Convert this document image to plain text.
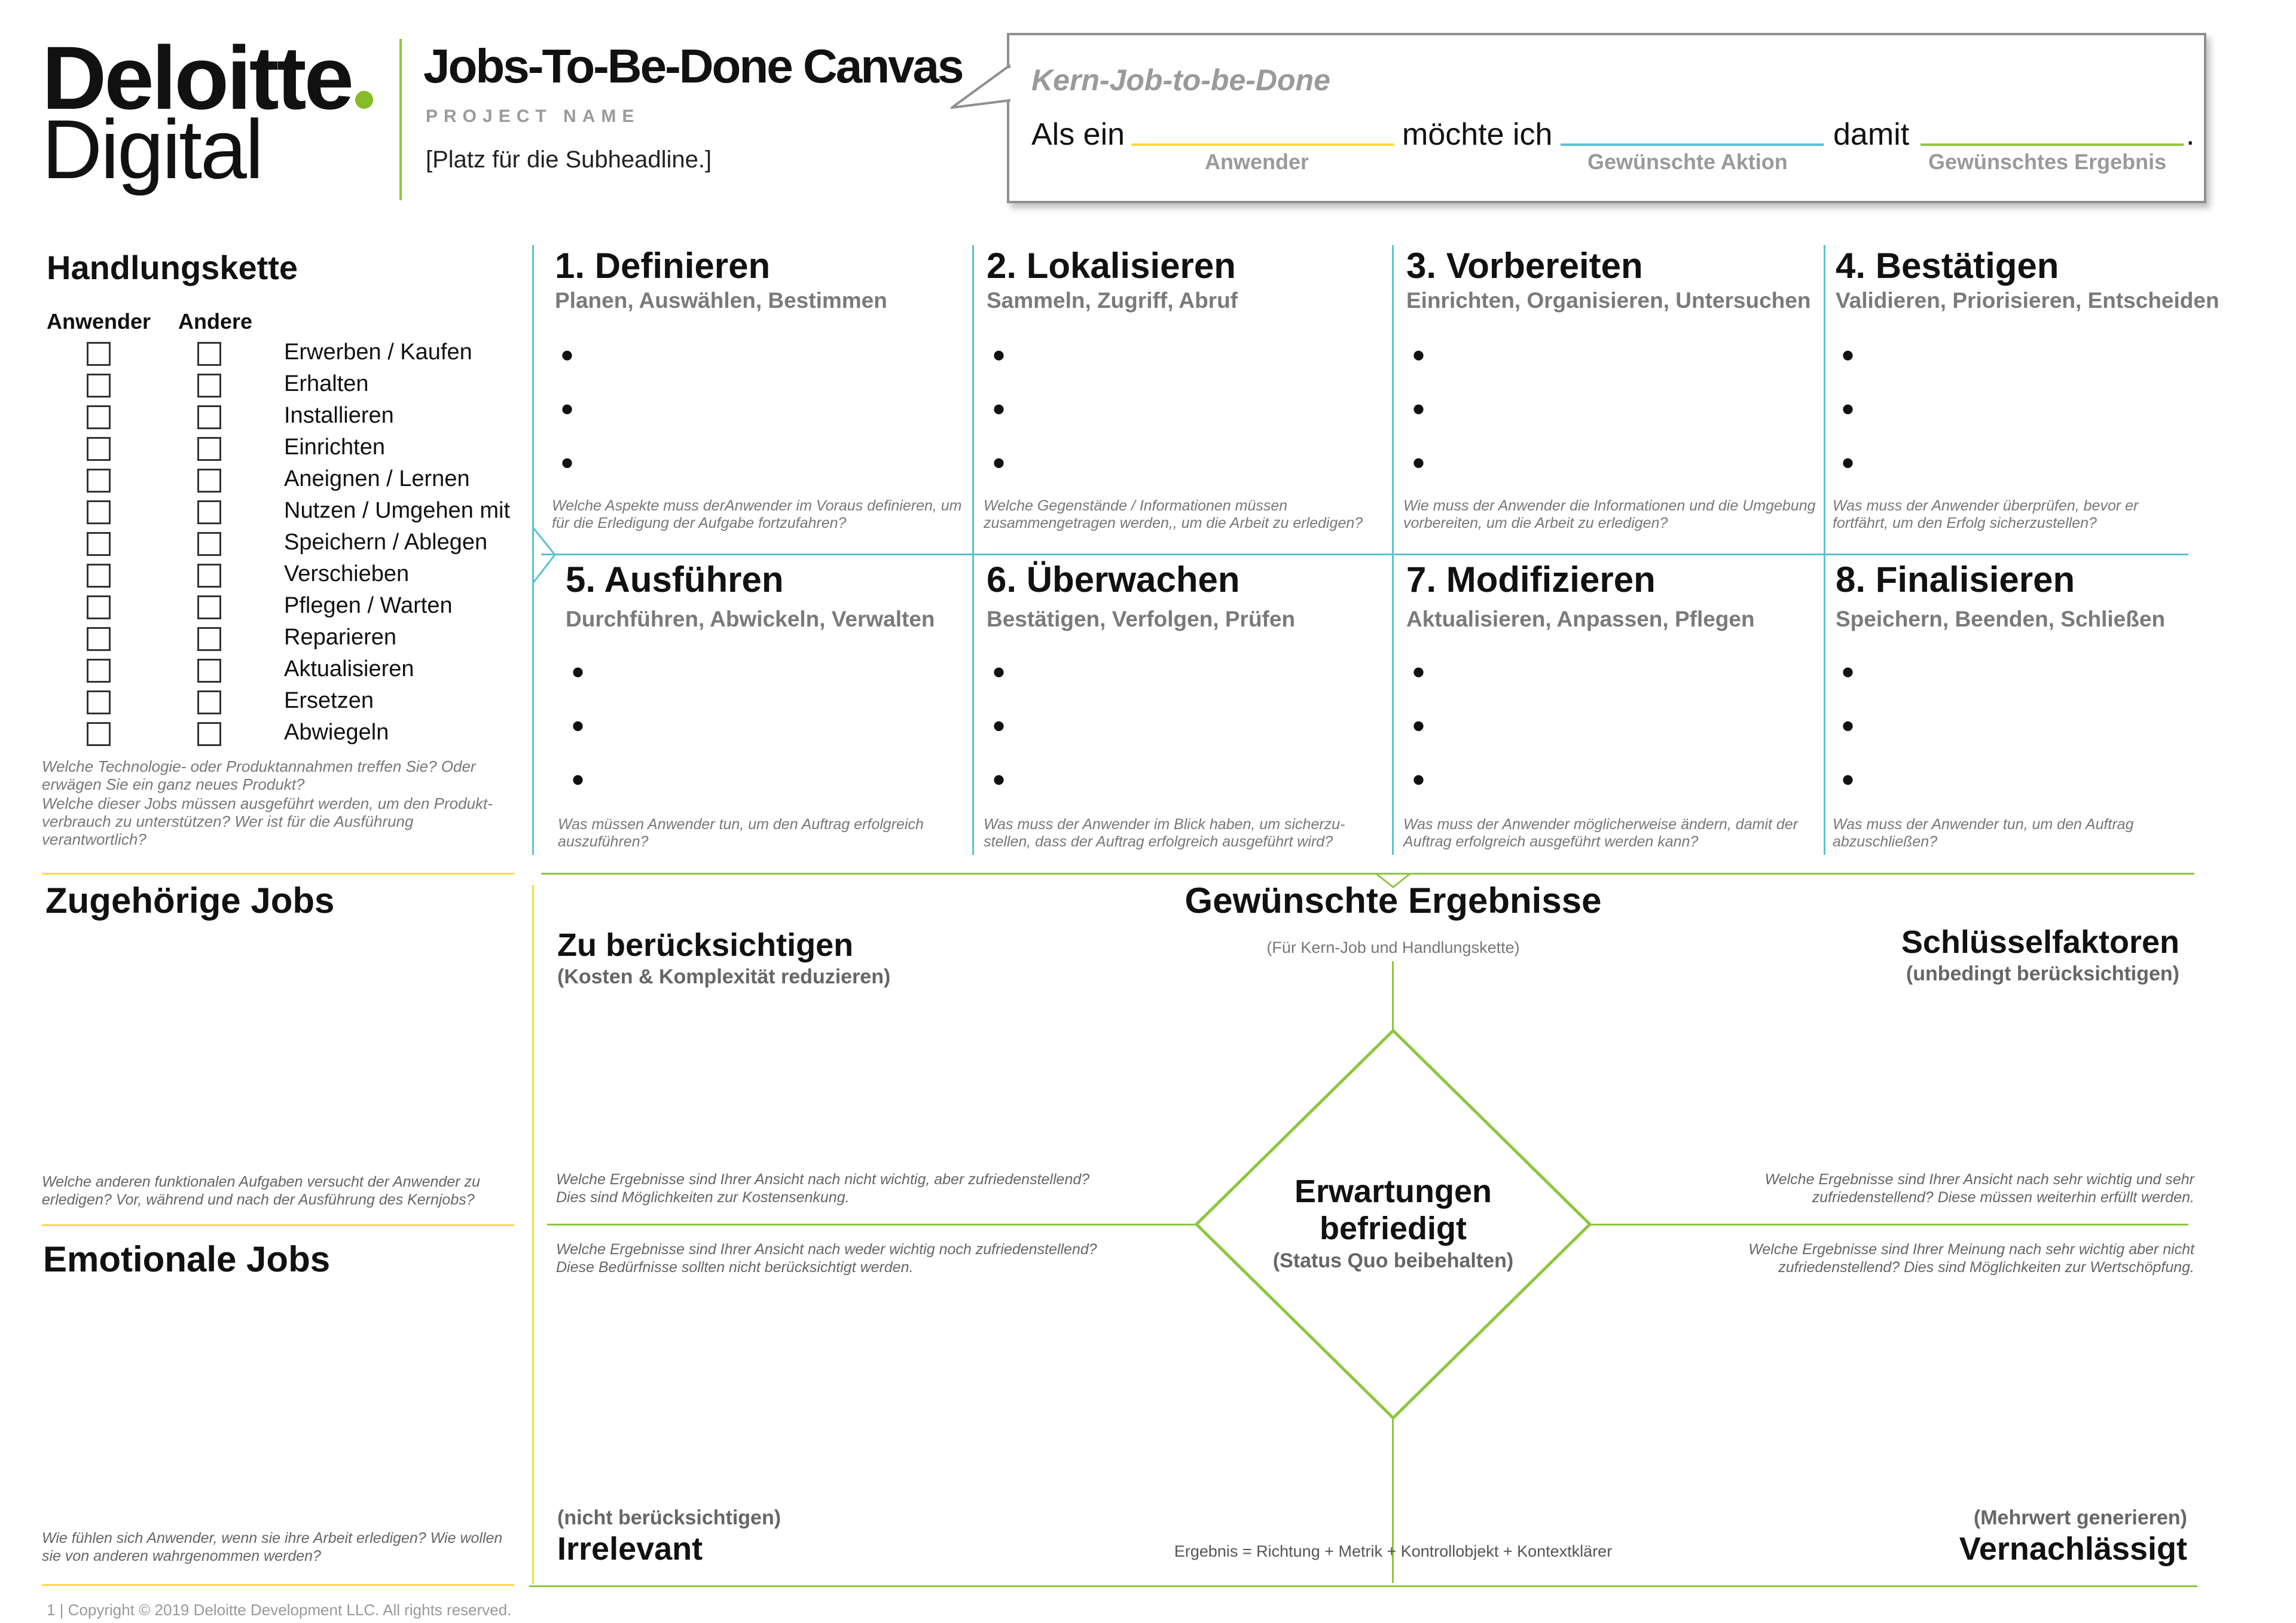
Deloitte
Digital
Jobs-To-Be-Done Canvas
PROJECT NAME
[Platz für die Subheadline.]
Kern-Job-to-be-Done
Als ein	möchte ich	damit	.
Anwender	Gewünschte Aktion	Gewünschtes Ergebnis
Handlungskette
Anwender Andere
Erwerben / Kaufen
Erhalten
Installieren
Einrichten
Aneignen / Lernen
Nutzen / Umgehen mit
Speichern / Ablegen
Verschieben
Pflegen / Warten
Reparieren
Aktualisieren
Ersetzen
Abwiegeln
Welche Technologie- oder Produktannahmen treffen Sie? Oder erwägen Sie ein ganz neues Produkt?
Welche dieser Jobs müssen ausgeführt werden, um den Produkt-verbrauch zu unterstützen? Wer ist für die Ausführung verantwortlich?
1. Definieren
Planen, Auswählen, Bestimmen
•
•
•
Welche Aspekte muss derAnwender im Voraus definieren, um für die Erledigung der Aufgabe fortzufahren?
2. Lokalisieren
Sammeln, Zugriff, Abruf
•
•
•
Welche Gegenstände / Informationen müssen zusammengetragen werden,, um die Arbeit zu erledigen?
3. Vorbereiten
Einrichten, Organisieren, Untersuchen
•
•
•
Wie muss der Anwender die Informationen und die Umgebung vorbereiten, um die Arbeit zu erledigen?
4. Bestätigen
Validieren, Priorisieren, Entscheiden
•
•
•
Was muss der Anwender überprüfen, bevor er fortfährt, um den Erfolg sicherzustellen?
5. Ausführen
Durchführen, Abwickeln, Verwalten
•
•
•
Was müssen Anwender tun, um den Auftrag erfolgreich auszuführen?
6. Überwachen
Bestätigen, Verfolgen, Prüfen
•
•
•
Was muss der Anwender im Blick haben, um sicherzu-stellen, dass der Auftrag erfolgreich ausgeführt wird?
7. Modifizieren
Aktualisieren, Anpassen, Pflegen
•
•
•
Was muss der Anwender möglicherweise ändern, damit der Auftrag erfolgreich ausgeführt werden kann?
8. Finalisieren
Speichern, Beenden, Schließen
•
•
•
Was muss der Anwender tun, um den Auftrag abzuschließen?
Zugehörige Jobs
Welche anderen funktionalen Aufgaben versucht der Anwender zu erledigen? Vor, während und nach der Ausführung des Kernjobs?
Emotionale Jobs
Wie fühlen sich Anwender, wenn sie ihre Arbeit erledigen? Wie wollen sie von anderen wahrgenommen werden?
Gewünschte Ergebnisse
(Für Kern-Job und Handlungskette)
Erwartungen
befriedigt
(Status Quo beibehalten)
Zu berücksichtigen
(Kosten & Komplexität reduzieren)
Welche Ergebnisse sind Ihrer Ansicht nach nicht wichtig, aber zufriedenstellend? Dies sind Möglichkeiten zur Kostensenkung.
Schlüsselfaktoren
(unbedingt berücksichtigen)
Welche Ergebnisse sind Ihrer Ansicht nach sehr wichtig und sehr zufriedenstellend? Diese müssen weiterhin erfüllt werden.
Welche Ergebnisse sind Ihrer Ansicht nach weder wichtig noch zufriedenstellend? Diese Bedürfnisse sollten nicht berücksichtigt werden.
(nicht berücksichtigen)
Irrelevant
Welche Ergebnisse sind Ihrer Meinung nach sehr wichtig aber nicht zufriedenstellend? Dies sind Möglichkeiten zur Wertschöpfung.
(Mehrwert generieren)
Vernachlässigt
Ergebnis = Richtung + Metrik + Kontrollobjekt + Kontextklärer
1 | Copyright © 2019 Deloitte Development LLC. All rights reserved.
